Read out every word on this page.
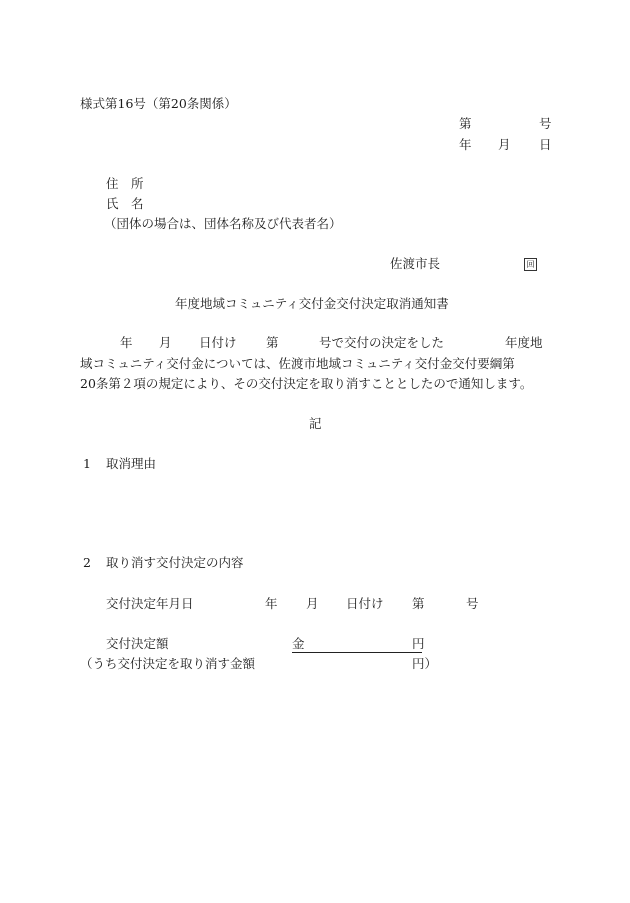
様式第16号（第20条関係）
第	号
年 月 日
住　所
氏　名
（団体の場合は、団体名称及び代表者名）
佐渡市長	回
年度地域コミュニティ交付金交付決定取消通知書
年 月 日付け 第	号で交付の決定をした	年度地
域コミュニティ交付金については、佐渡市地域コミュニティ交付金交付要綱第
20条第２項の規定により、その交付決定を取り消すこととしたので通知します。
記
1 取消理由
2 取り消す交付決定の内容
交付決定年月日	年 月 日付け 第	号
交付決定額	金	円
（うち交付決定を取り消す金額	円）
